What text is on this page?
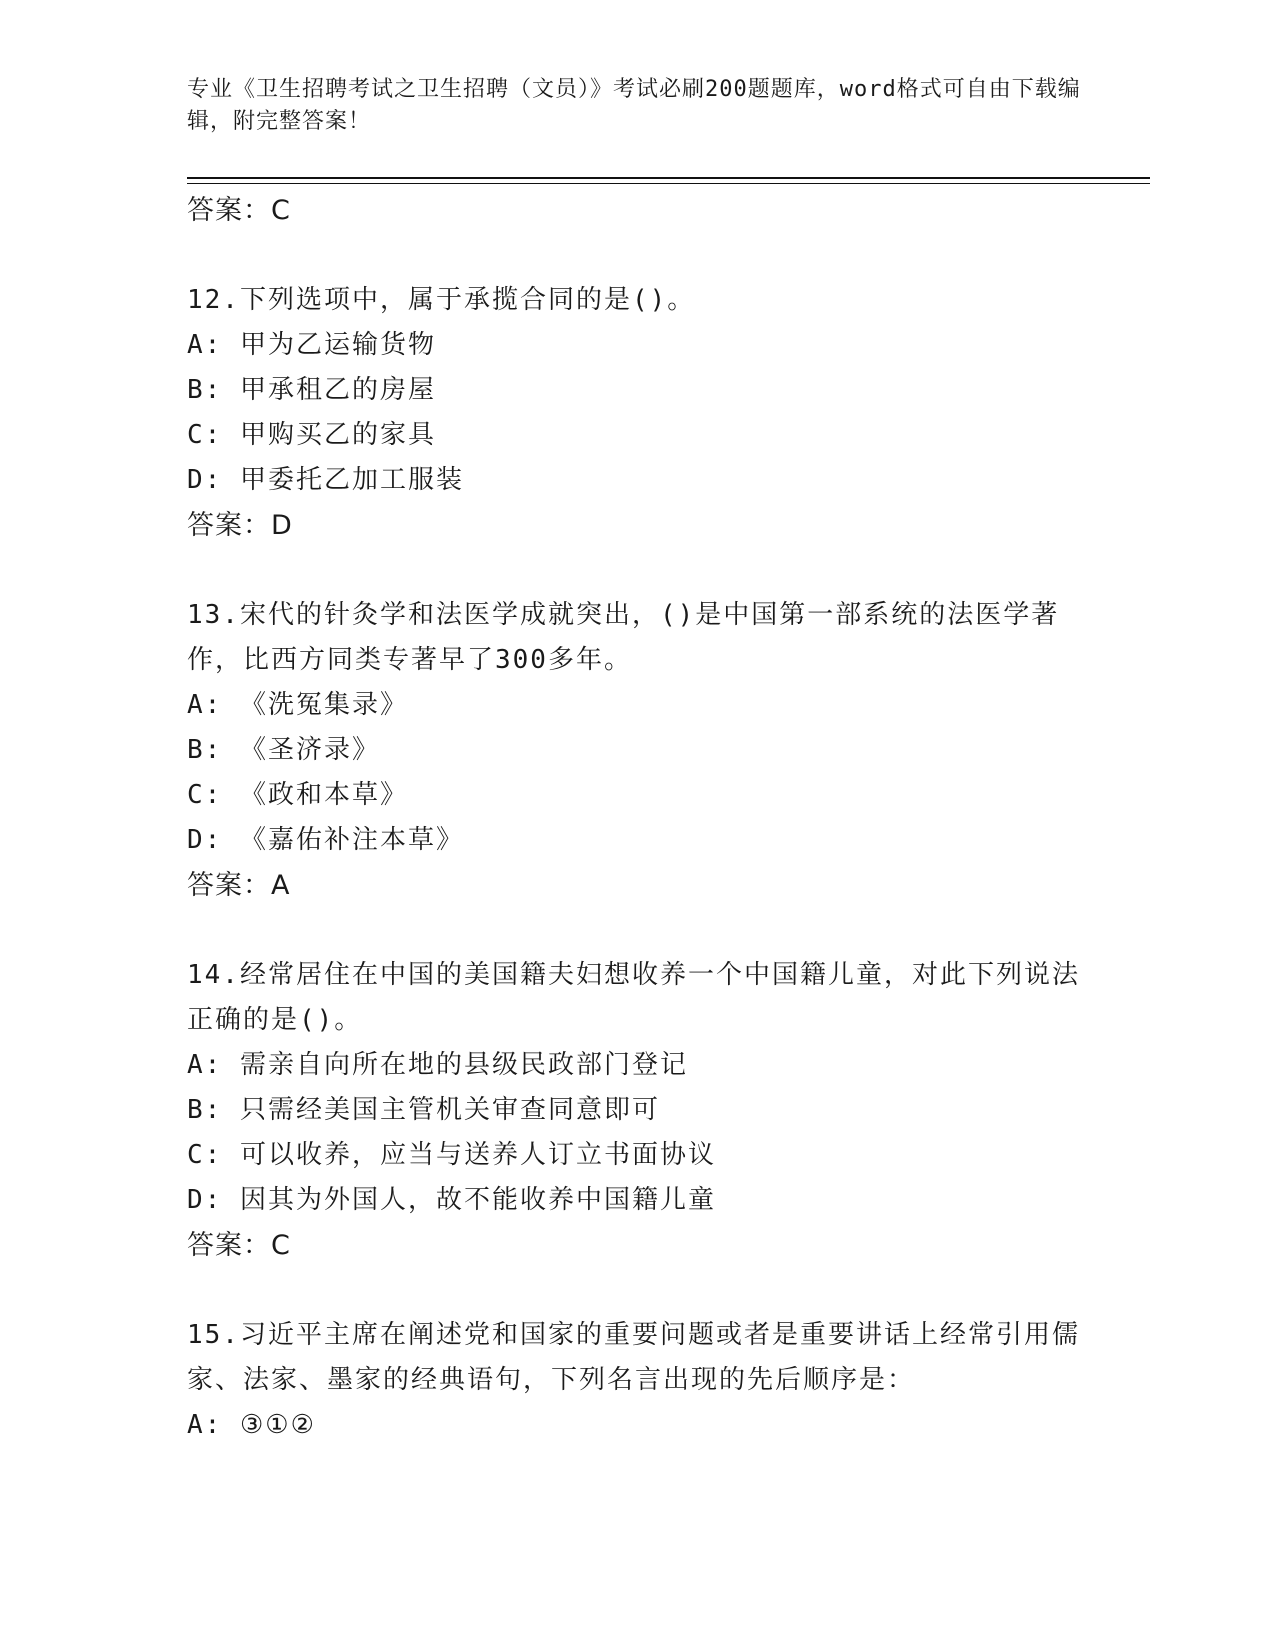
专业《卫生招聘考试之卫生招聘（文员）》考试必刷200题题库，word格式可自由下载编辑，附完整答案！
答案：C
12.下列选项中，属于承揽合同的是()。
A: 甲为乙运输货物
B: 甲承租乙的房屋
C: 甲购买乙的家具
D: 甲委托乙加工服装
答案：D
13.宋代的针灸学和法医学成就突出，()是中国第一部系统的法医学著作，比西方同类专著早了300多年。
A: 《洗冤集录》
B: 《圣济录》
C: 《政和本草》
D: 《嘉佑补注本草》
答案：A
14.经常居住在中国的美国籍夫妇想收养一个中国籍儿童，对此下列说法正确的是()。
A: 需亲自向所在地的县级民政部门登记
B: 只需经美国主管机关审查同意即可
C: 可以收养，应当与送养人订立书面协议
D: 因其为外国人，故不能收养中国籍儿童
答案：C
15.习近平主席在阐述党和国家的重要问题或者是重要讲话上经常引用儒家、法家、墨家的经典语句，下列名言出现的先后顺序是：
A: ③①②
